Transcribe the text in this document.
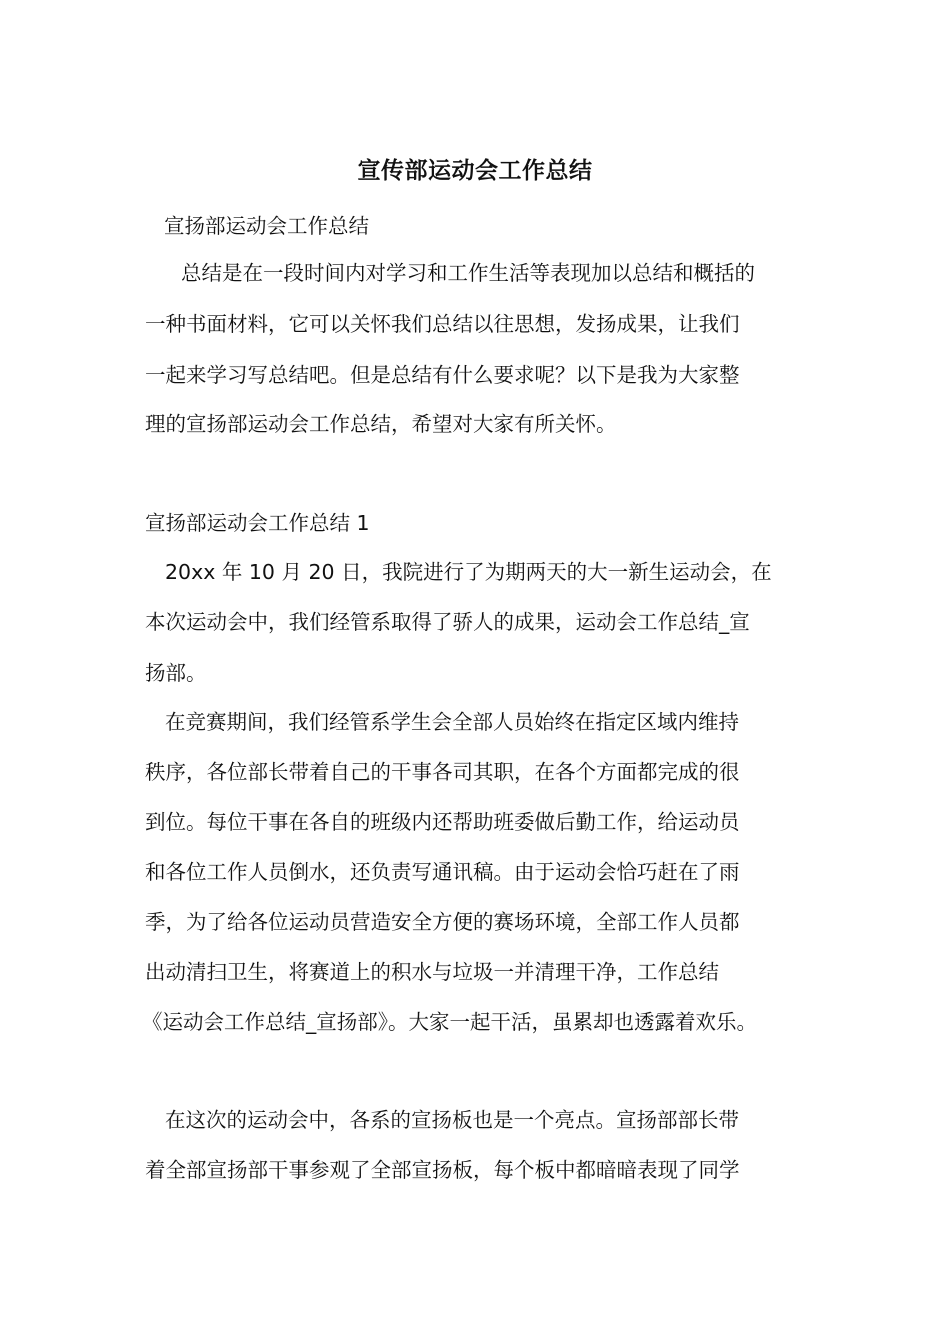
宣传部运动会工作总结
宣扬部运动会工作总结
总结是在一段时间内对学习和工作生活等表现加以总结和概括的
一种书面材料，它可以关怀我们总结以往思想，发扬成果，让我们
一起来学习写总结吧。但是总结有什么要求呢？以下是我为大家整
理的宣扬部运动会工作总结，希望对大家有所关怀。
宣扬部运动会工作总结 1
20xx 年 10 月 20 日，我院进行了为期两天的大一新生运动会，在
本次运动会中，我们经管系取得了骄人的成果，运动会工作总结_宣
扬部。
在竞赛期间，我们经管系学生会全部人员始终在指定区域内维持
秩序，各位部长带着自己的干事各司其职，在各个方面都完成的很
到位。每位干事在各自的班级内还帮助班委做后勤工作，给运动员
和各位工作人员倒水，还负责写通讯稿。由于运动会恰巧赶在了雨
季，为了给各位运动员营造安全方便的赛场环境，全部工作人员都
出动清扫卫生，将赛道上的积水与垃圾一并清理干净，工作总结
《运动会工作总结_宣扬部》。大家一起干活，虽累却也透露着欢乐。
在这次的运动会中，各系的宣扬板也是一个亮点。宣扬部部长带
着全部宣扬部干事参观了全部宣扬板，每个板中都暗暗表现了同学
